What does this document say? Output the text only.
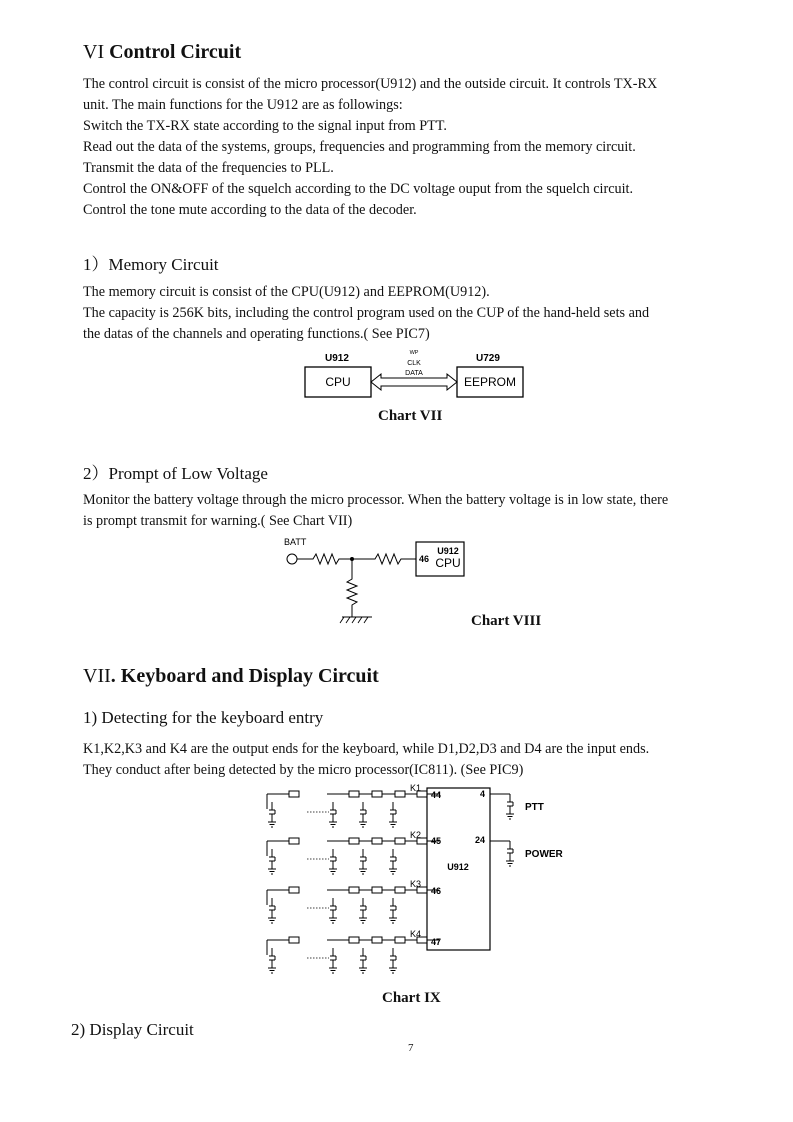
VI Control Circuit
The control circuit is consist of the micro processor(U912) and the outside circuit. It controls TX-RX
unit. The main functions for the U912 are as followings:
Switch the TX-RX state according to the signal input from PTT.
Read out the data of the systems, groups, frequencies and programming from the memory circuit.
Transmit the data of the frequencies to PLL.
Control the ON&OFF of the squelch according to the DC voltage ouput from the squelch circuit.
Control the tone mute according to the data of the decoder.
1）Memory Circuit
The memory circuit is consist of the CPU(U912) and EEPROM(U912).
The capacity is 256K bits, including the control program used on the CUP of the hand-held sets and
the datas of the channels and operating functions.( See PIC7)
U912	U729
CPU	EEPROM
WP
CLK
DATA
Chart VII
2）Prompt of Low Voltage
Monitor the battery voltage through the micro processor. When the battery voltage is in low state, there
is prompt transmit for warning.( See Chart VII)
BATT
46
U912
CPU
Chart VIII
VII. Keyboard and Display Circuit
1) Detecting for the keyboard entry
K1,K2,K3 and K4 are the output ends for the keyboard, while D1,D2,D3 and D4 are the input ends.
They conduct after being detected by the micro processor(IC811). (See PIC9)
K1
K2
K3
K4
44
45
46
47
4
24
U912
PTT
POWER
Chart IX
2) Display Circuit
7
